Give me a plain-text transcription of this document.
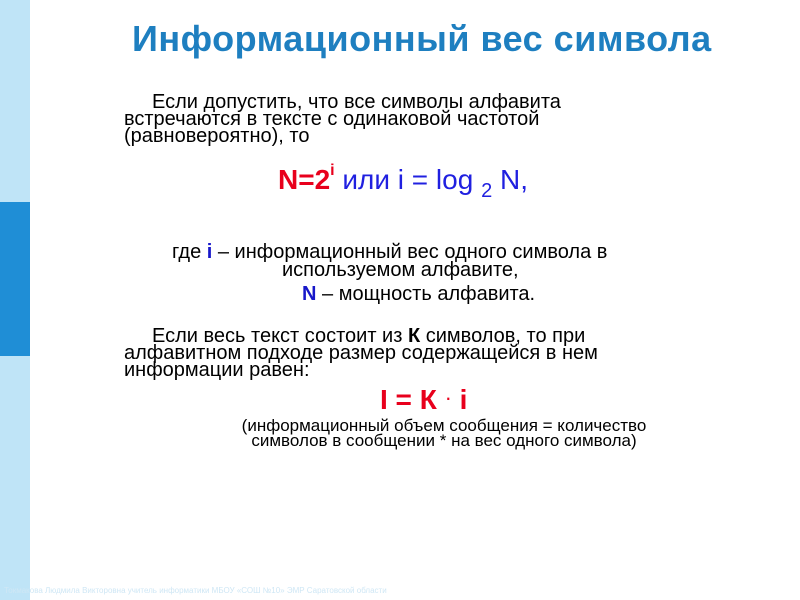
Информационный вес символа
Если допустить, что все символы алфавита
встречаются в тексте с одинаковой частотой
(равновероятно), то
$N=2^i$ или i = log $_2$ N,
где i – информационный вес одного символа в
используемом алфавите,
N – мощность алфавита.
Если весь текст состоит из К символов, то при
алфавитном подходе размер содержащейся в нем
информации равен:
I = К · i
(информационный объем сообщения = количество
символов в сообщении * на вес одного символа)
Токмакова Людмила Викторовна учитель информатики МБОУ «СОШ №10» ЭМР Саратовской области
